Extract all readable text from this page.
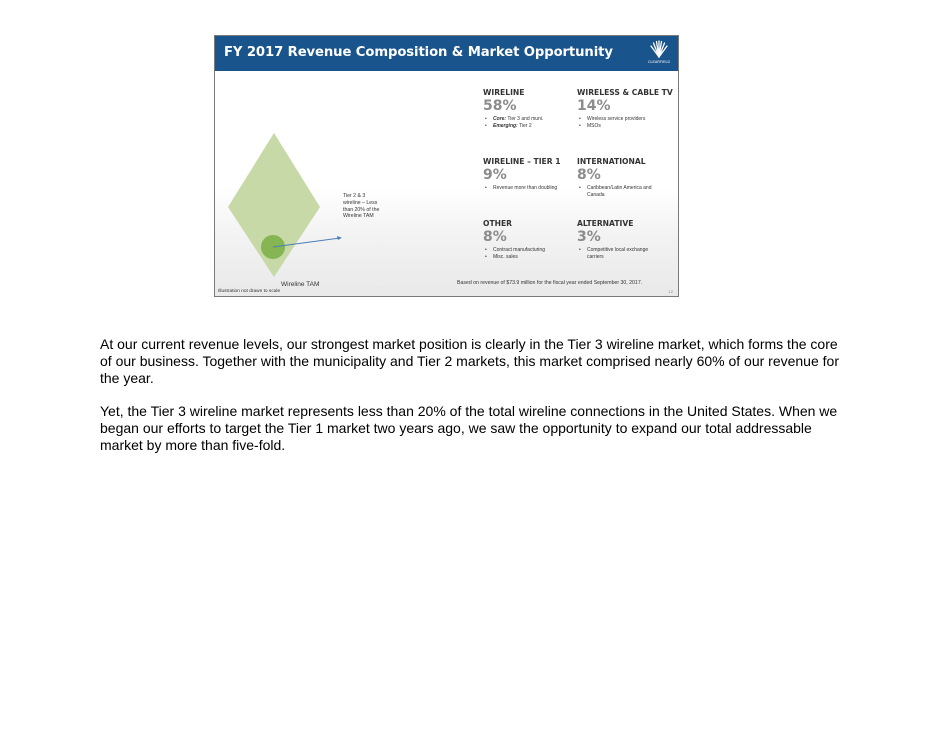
FY 2017 Revenue Composition & Market Opportunity
CLEARFIELD
Tier 2 & 3 wireline – Less than 20% of the Wireline TAM
Wireline TAM
Illustration not drawn to scale
WIRELINE
58%
• Core: Tier 3 and muni.
• Emerging: Tier 2
WIRELESS & CABLE TV
14%
• Wireless service providers
• MSOs
WIRELINE – TIER 1
9%
• Revenue more than doubling
INTERNATIONAL
8%
• Caribbean/Latin America and Canada
OTHER
8%
• Contract manufacturing
• Misc. sales
ALTERNATIVE
3%
• Competitive local exchange carriers
Based on revenue of $73.9 million for the fiscal year ended September 30, 2017.
12

At our current revenue levels, our strongest market position is clearly in the Tier 3 wireline market, which forms the core of our business. Together with the municipality and Tier 2 markets, this market comprised nearly 60% of our revenue for the year.

Yet, the Tier 3 wireline market represents less than 20% of the total wireline connections in the United States. When we began our efforts to target the Tier 1 market two years ago, we saw the opportunity to expand our total addressable market by more than five-fold.
